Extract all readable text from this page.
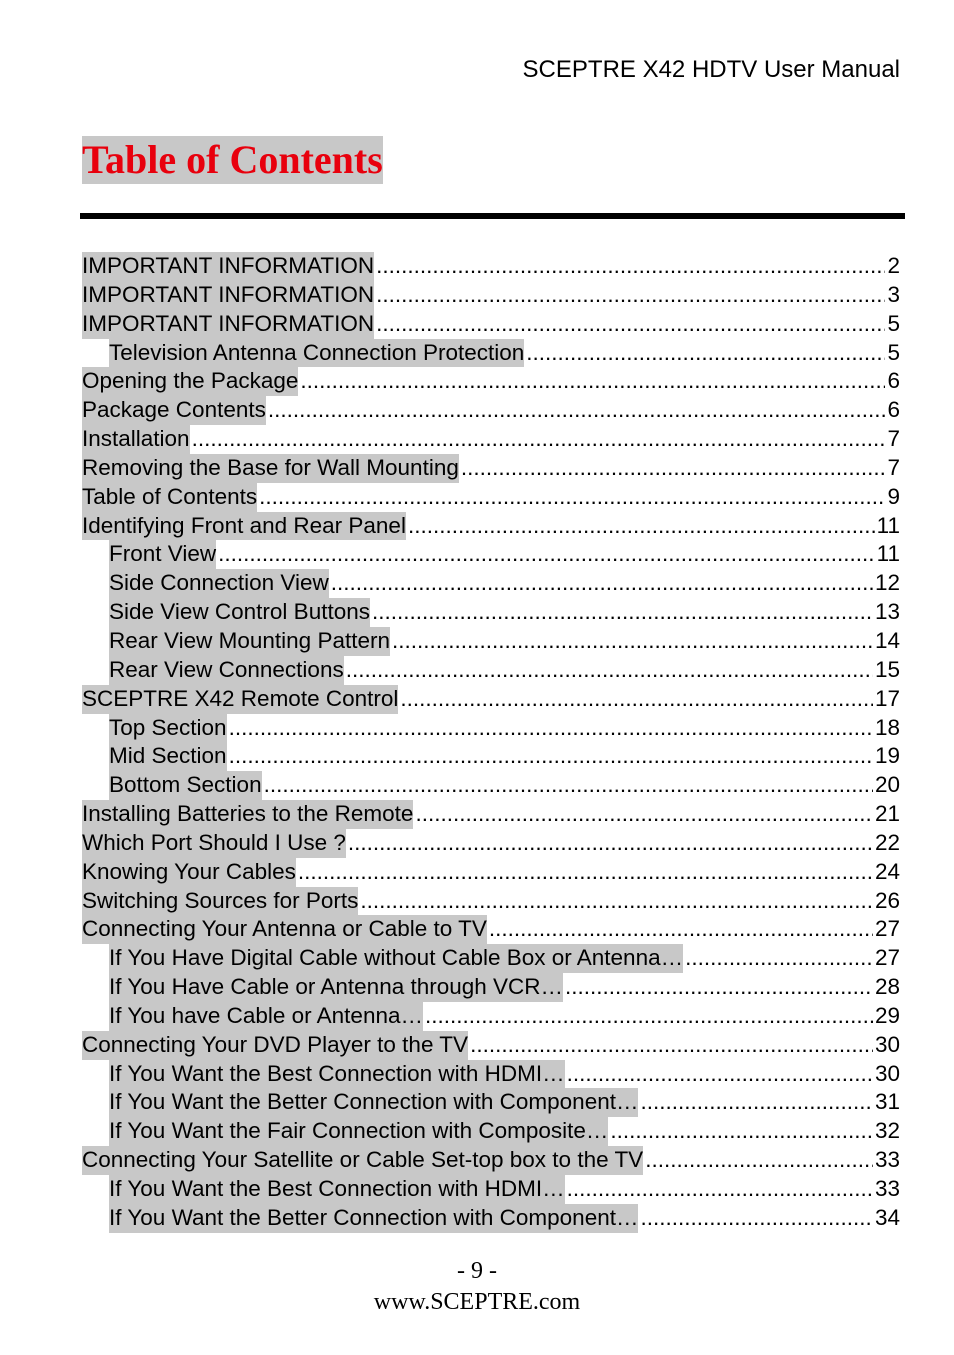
SCEPTRE X42 HDTV User Manual
Table of Contents
IMPORTANT INFORMATION .....	2
IMPORTANT INFORMATION .....	3
IMPORTANT INFORMATION .....	5
Television Antenna Connection Protection .....	5
Opening the Package .....	6
Package Contents .....	6
Installation .....	7
Removing the Base for Wall Mounting .....	7
Table of Contents .....	9
Identifying Front and Rear Panel .....	11
Front View .....	11
Side Connection View .....	12
Side View Control Buttons .....	13
Rear View Mounting Pattern .....	14
Rear View Connections .....	15
SCEPTRE X42 Remote Control .....	17
Top Section .....	18
Mid Section .....	19
Bottom Section .....	20
Installing Batteries to the Remote .....	21
Which Port Should I Use ? .....	22
Knowing Your Cables .....	24
Switching Sources for Ports .....	26
Connecting Your Antenna or Cable to TV .....	27
If You Have Digital Cable without Cable Box or Antenna… .....	27
If You Have Cable or Antenna through VCR… .....	28
If You have Cable or Antenna… .....	29
Connecting Your DVD Player to the TV .....	30
If You Want the Best Connection with HDMI… .....	30
If You Want the Better Connection with Component… .....	31
If You Want the Fair Connection with Composite… .....	32
Connecting Your Satellite or Cable Set-top box to the TV .....	33
If You Want the Best Connection with HDMI… .....	33
If You Want the Better Connection with Component… .....	34
- 9 -
www.SCEPTRE.com
